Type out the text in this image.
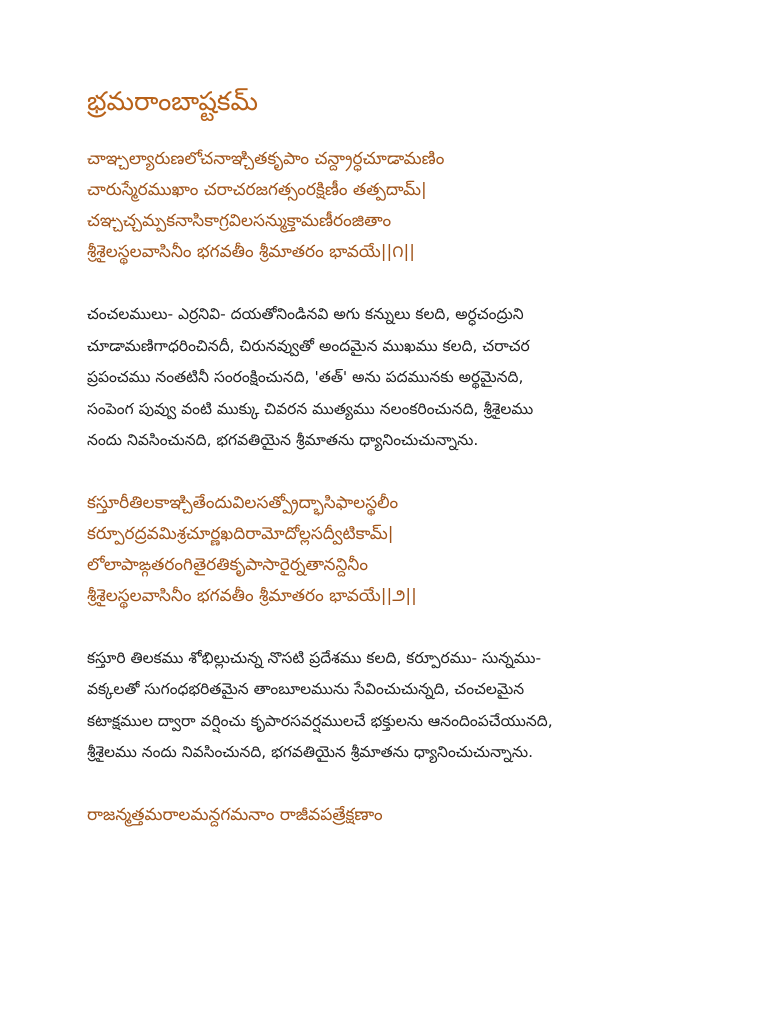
భ్రమరాంబాష్టకమ్
చాఞ్చల్యారుణలోచనాఞ్చితకృపాం చన్ద్రార్ధచూడామణిం
చారుస్మేరముఖాం చరాచరజగత్సంరక్షిణీం తత్పదామ్|
చఞ్చచ్చమ్పకనాసికాగ్రవిలసన్ముక్తామణీరంజితాం
శ్రీశైలస్థలవాసినీం భగవతీం శ్రీమాతరం భావయే||౧||
చంచలములు- ఎర్రనివి- దయతోనిండినవి అగు కన్నులు కలది, అర్ధచంద్రుని
చూడామణిగాధరించినదీ, చిరునవ్వుతో అందమైన ముఖము కలది, చరాచర
ప్రపంచము నంతటినీ సంరంక్షించునది, 'తత్' అను పదమునకు అర్థమైనది,
సంపెంగ పువ్వు వంటి ముక్కు చివరన ముత్యము నలంకరించునది, శ్రీశైలము
నందు నివసించునది, భగవతియైన శ్రీమాతను ధ్యానించుచున్నాను.
కస్తూరీతిలకాఞ్చితేందువిలసత్ప్రోద్భాసిఫాలస్థలీం
కర్పూరద్రవమిశ్రచూర్ణఖదిరామోదోల్లసద్వీటికామ్|
లోలాపాఙ్గతరంగితైరతికృపాసారైర్నతానన్దినీం
శ్రీశైలస్థలవాసినీం భగవతీం శ్రీమాతరం భావయే||౨||
కస్తూరి తిలకము శోభిల్లుచున్న నొసటి ప్రదేశము కలది, కర్పూరము- సున్నము-
వక్కలతో సుగంధభరితమైన తాంబూలమును సేవించుచున్నది, చంచలమైన
కటాక్షముల ద్వారా వర్షించు కృపారసవర్షములచే భక్తులను ఆనందింపచేయునది,
శ్రీశైలము నందు నివసించునది, భగవతియైన శ్రీమాతను ధ్యానించుచున్నాను.
రాజన్మత్తమరాలమన్దగమనాం రాజీవపత్రేక్షణాం
